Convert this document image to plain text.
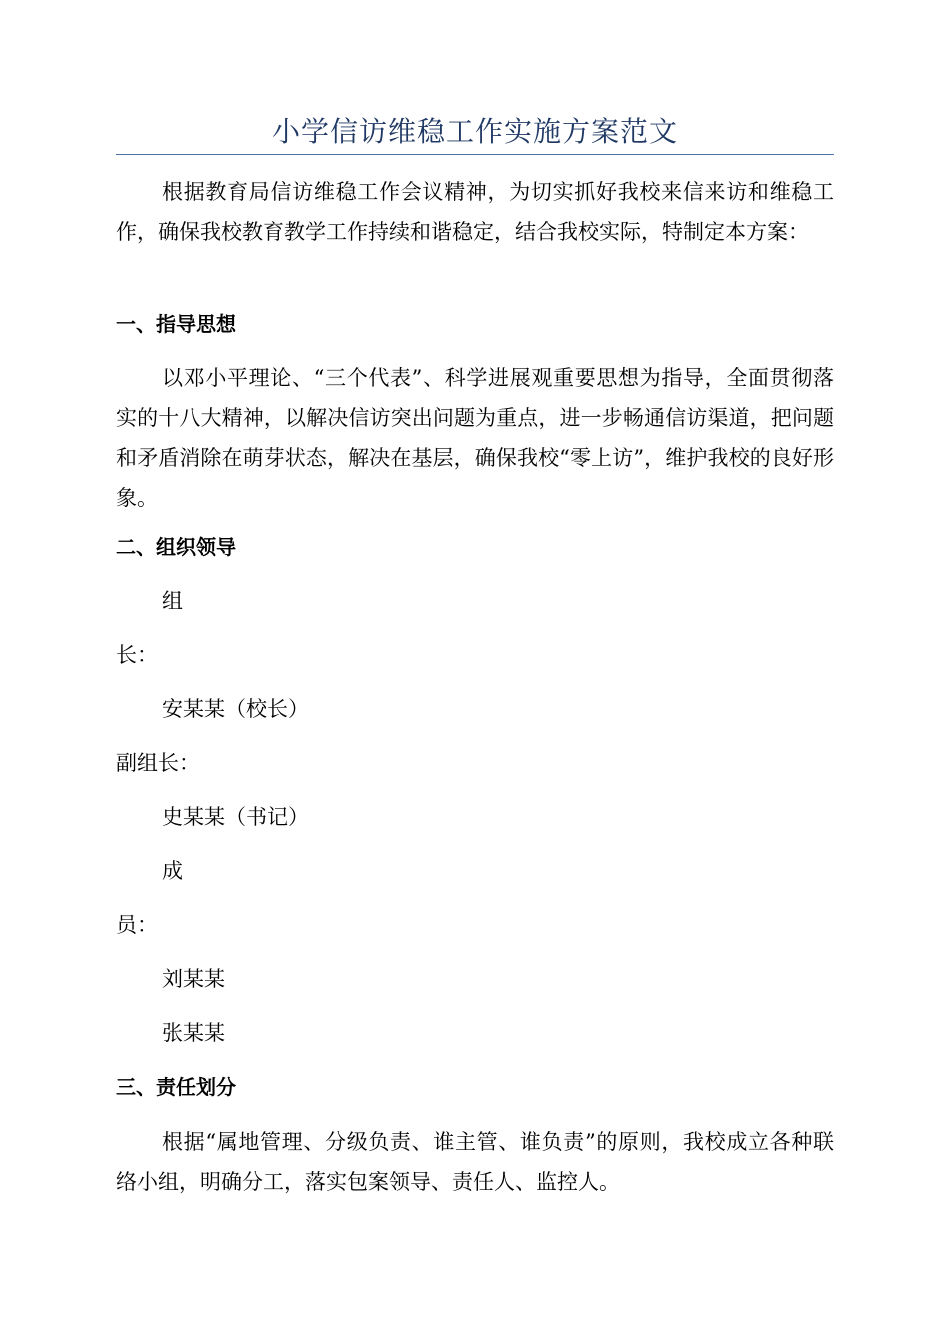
小学信访维稳工作实施方案范文

根据教育局信访维稳工作会议精神，为切实抓好我校来信来访和维稳工作，确保我校教育教学工作持续和谐稳定，结合我校实际，特制定本方案：

一、指导思想

以邓小平理论、“三个代表”、科学进展观重要思想为指导，全面贯彻落实的十八大精神，以解决信访突出问题为重点，进一步畅通信访渠道，把问题和矛盾消除在萌芽状态，解决在基层，确保我校“零上访”，维护我校的良好形象。

二、组织领导

组

长：

安某某（校长）

副组长：

史某某（书记）

成

员：

刘某某

张某某

三、责任划分

根据“属地管理、分级负责、谁主管、谁负责”的原则，我校成立各种联络小组，明确分工，落实包案领导、责任人、监控人。
